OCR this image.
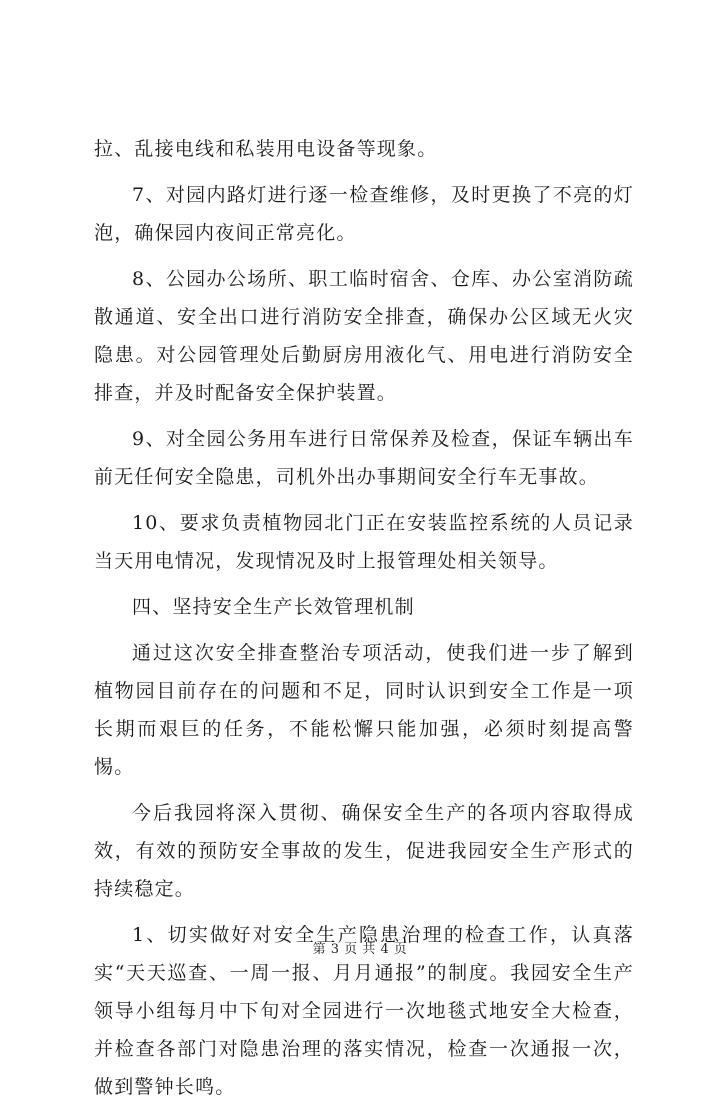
拉、乱接电线和私装用电设备等现象。

7、对园内路灯进行逐一检查维修，及时更换了不亮的灯泡，确保园内夜间正常亮化。

8、公园办公场所、职工临时宿舍、仓库、办公室消防疏散通道、安全出口进行消防安全排查，确保办公区域无火灾隐患。对公园管理处后勤厨房用液化气、用电进行消防安全排查，并及时配备安全保护装置。

9、对全园公务用车进行日常保养及检查，保证车辆出车前无任何安全隐患，司机外出办事期间安全行车无事故。

10、要求负责植物园北门正在安装监控系统的人员记录当天用电情况，发现情况及时上报管理处相关领导。

四、坚持安全生产长效管理机制

通过这次安全排查整治专项活动，使我们进一步了解到植物园目前存在的问题和不足，同时认识到安全工作是一项长期而艰巨的任务，不能松懈只能加强，必须时刻提高警惕。

今后我园将深入贯彻、确保安全生产的各项内容取得成效，有效的预防安全事故的发生，促进我园安全生产形式的持续稳定。

1、切实做好对安全生产隐患治理的检查工作，认真落实“天天巡查、一周一报、月月通报”的制度。我园安全生产领导小组每月中下旬对全园进行一次地毯式地安全大检查，并检查各部门对隐患治理的落实情况，检查一次通报一次，做到警钟长鸣。

第 3 页 共 4 页
